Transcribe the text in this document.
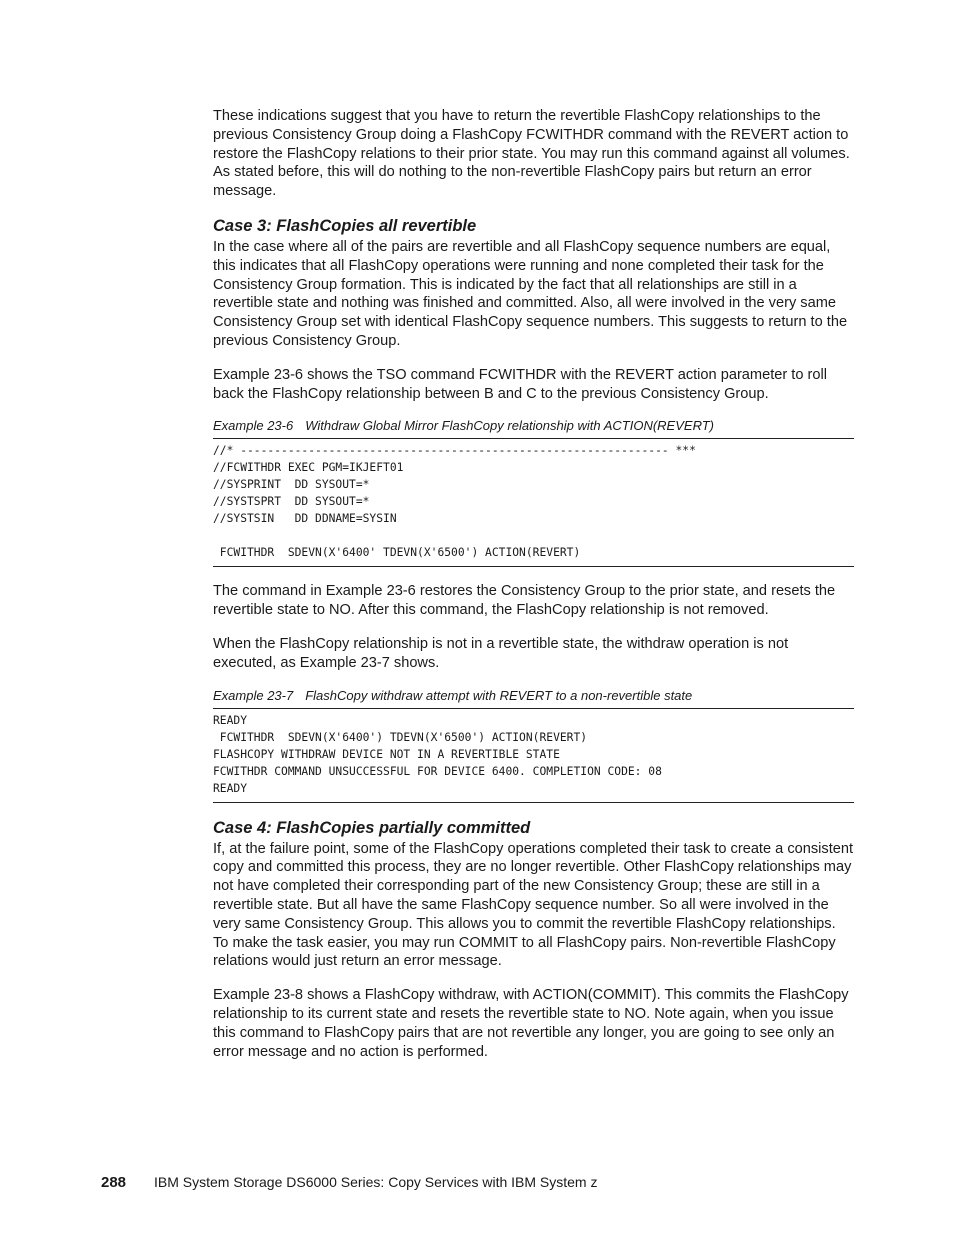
These indications suggest that you have to return the revertible FlashCopy relationships to the previous Consistency Group doing a FlashCopy FCWITHDR command with the REVERT action to restore the FlashCopy relations to their prior state. You may run this command against all volumes. As stated before, this will do nothing to the non-revertible FlashCopy pairs but return an error message.

Case 3: FlashCopies all revertible

In the case where all of the pairs are revertible and all FlashCopy sequence numbers are equal, this indicates that all FlashCopy operations were running and none completed their task for the Consistency Group formation. This is indicated by the fact that all relationships are still in a revertible state and nothing was finished and committed. Also, all were involved in the very same Consistency Group set with identical FlashCopy sequence numbers. This suggests to return to the previous Consistency Group.

Example 23-6 shows the TSO command FCWITHDR with the REVERT action parameter to roll back the FlashCopy relationship between B and C to the previous Consistency Group.

Example 23-6 Withdraw Global Mirror FlashCopy relationship with ACTION(REVERT)
//* --------------------------------------------------------------- ***
//FCWITHDR EXEC PGM=IKJEFT01
//SYSPRINT  DD SYSOUT=*
//SYSTSPRT  DD SYSOUT=*
//SYSTSIN   DD DDNAME=SYSIN
FCWITHDR  SDEVN(X'6400' TDEVN(X'6500') ACTION(REVERT)

The command in Example 23-6 restores the Consistency Group to the prior state, and resets the revertible state to NO. After this command, the FlashCopy relationship is not removed.

When the FlashCopy relationship is not in a revertible state, the withdraw operation is not executed, as Example 23-7 shows.

Example 23-7 FlashCopy withdraw attempt with REVERT to a non-revertible state
READY
FCWITHDR  SDEVN(X'6400') TDEVN(X'6500') ACTION(REVERT)
FLASHCOPY WITHDRAW DEVICE NOT IN A REVERTIBLE STATE
FCWITHDR COMMAND UNSUCCESSFUL FOR DEVICE 6400. COMPLETION CODE: 08
READY
Case 4: FlashCopies partially committed

If, at the failure point, some of the FlashCopy operations completed their task to create a consistent copy and committed this process, they are no longer revertible. Other FlashCopy relationships may not have completed their corresponding part of the new Consistency Group; these are still in a revertible state. But all have the same FlashCopy sequence number. So all were involved in the very same Consistency Group. This allows you to commit the revertible FlashCopy relationships. To make the task easier, you may run COMMIT to all FlashCopy pairs. Non-revertible FlashCopy relations would just return an error message.

Example 23-8 shows a FlashCopy withdraw, with ACTION(COMMIT). This commits the FlashCopy relationship to its current state and resets the revertible state to NO. Note again, when you issue this command to FlashCopy pairs that are not revertible any longer, you are going to see only an error message and no action is performed.

288 IBM System Storage DS6000 Series: Copy Services with IBM System z
